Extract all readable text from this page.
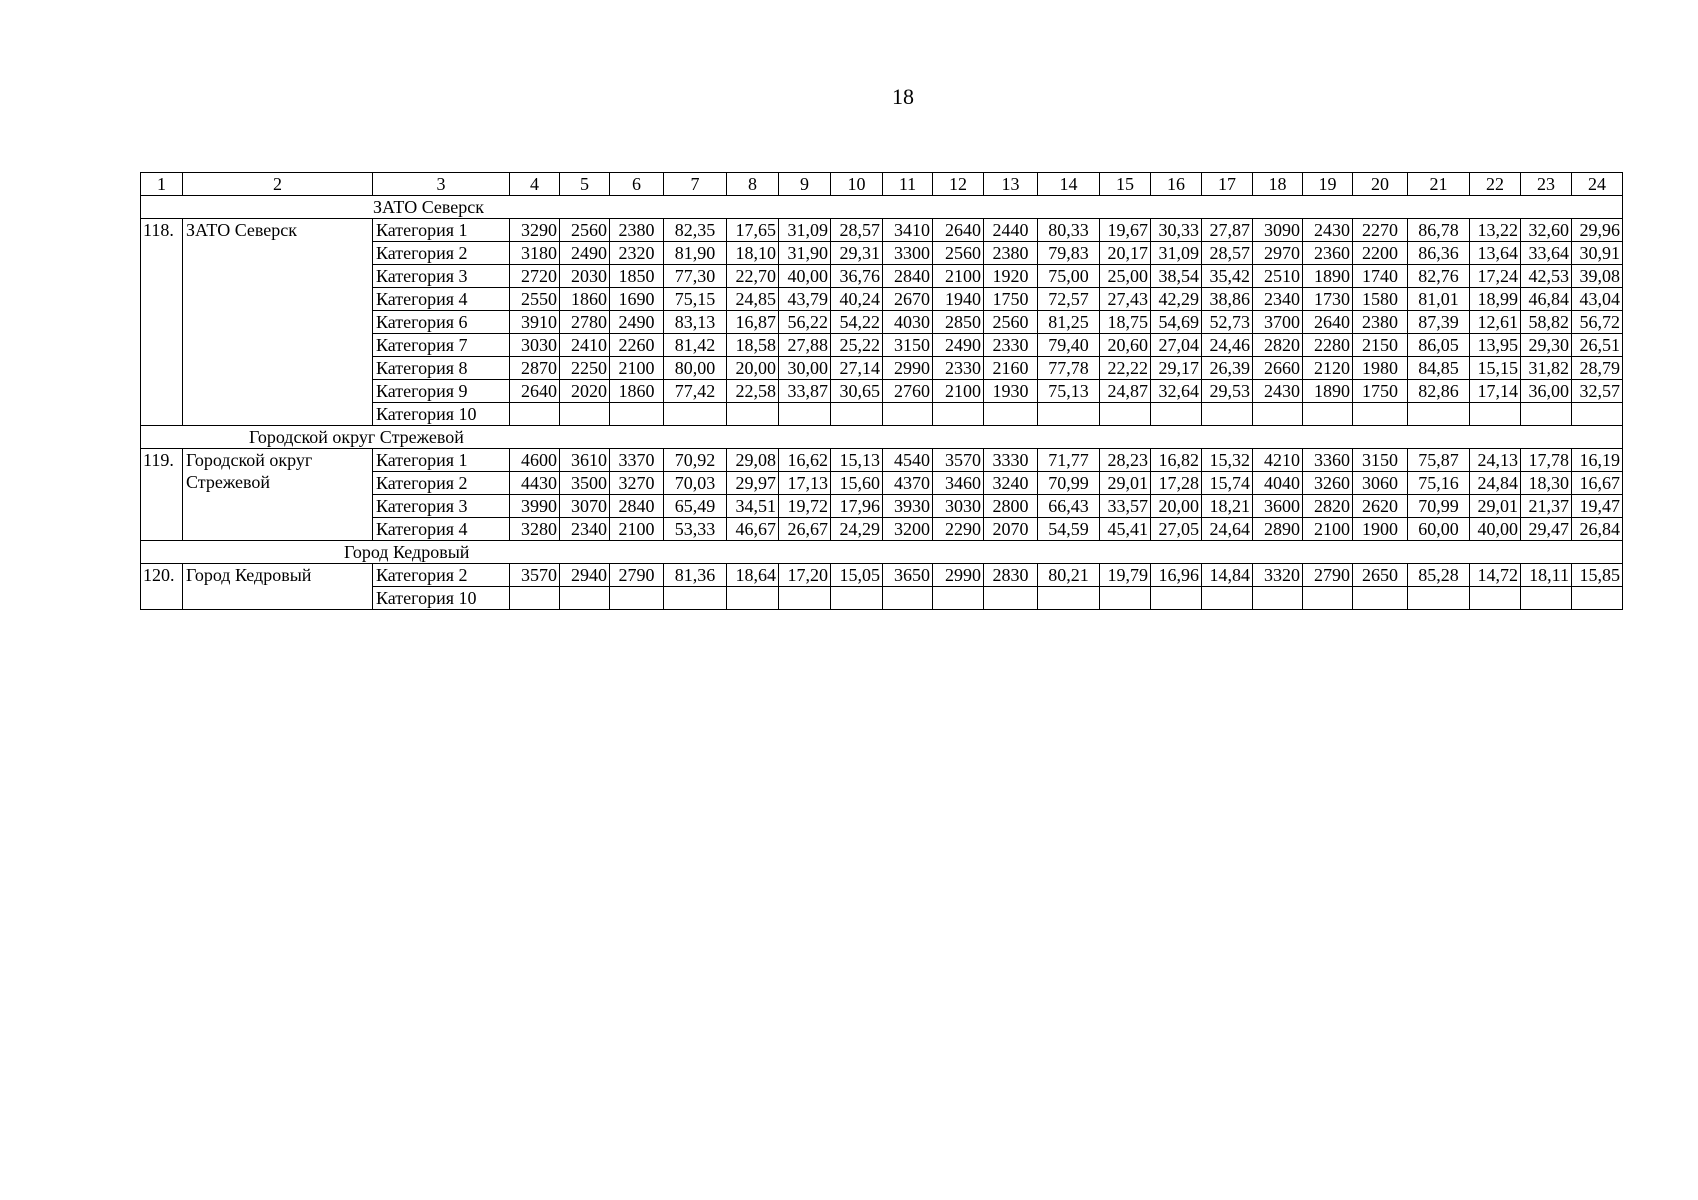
18
1	2	3	4	5	6	7	8	9	10	11	12	13	14	15	16	17	18	19	20	21	22	23	24
ЗАТО Северск																							
118.	ЗАТО Северск	Категория 1	3290	2560	2380	82,35	17,65	31,09	28,57	3410	2640	2440	80,33	19,67	30,33	27,87	3090	2430	2270	86,78	13,22	32,60	29,96
		Категория 2	3180	2490	2320	81,90	18,10	31,90	29,31	3300	2560	2380	79,83	20,17	31,09	28,57	2970	2360	2200	86,36	13,64	33,64	30,91
		Категория 3	2720	2030	1850	77,30	22,70	40,00	36,76	2840	2100	1920	75,00	25,00	38,54	35,42	2510	1890	1740	82,76	17,24	42,53	39,08
		Категория 4	2550	1860	1690	75,15	24,85	43,79	40,24	2670	1940	1750	72,57	27,43	42,29	38,86	2340	1730	1580	81,01	18,99	46,84	43,04
		Категория 6	3910	2780	2490	83,13	16,87	56,22	54,22	4030	2850	2560	81,25	18,75	54,69	52,73	3700	2640	2380	87,39	12,61	58,82	56,72
		Категория 7	3030	2410	2260	81,42	18,58	27,88	25,22	3150	2490	2330	79,40	20,60	27,04	24,46	2820	2280	2150	86,05	13,95	29,30	26,51
		Категория 8	2870	2250	2100	80,00	20,00	30,00	27,14	2990	2330	2160	77,78	22,22	29,17	26,39	2660	2120	1980	84,85	15,15	31,82	28,79
		Категория 9	2640	2020	1860	77,42	22,58	33,87	30,65	2760	2100	1930	75,13	24,87	32,64	29,53	2430	1890	1750	82,86	17,14	36,00	32,57
		Категория 10																					
Городской округ Стрежевой																							
119.	Городской округ Стрежевой	Категория 1	4600	3610	3370	70,92	29,08	16,62	15,13	4540	3570	3330	71,77	28,23	16,82	15,32	4210	3360	3150	75,87	24,13	17,78	16,19
		Категория 2	4430	3500	3270	70,03	29,97	17,13	15,60	4370	3460	3240	70,99	29,01	17,28	15,74	4040	3260	3060	75,16	24,84	18,30	16,67
		Категория 3	3990	3070	2840	65,49	34,51	19,72	17,96	3930	3030	2800	66,43	33,57	20,00	18,21	3600	2820	2620	70,99	29,01	21,37	19,47
		Категория 4	3280	2340	2100	53,33	46,67	26,67	24,29	3200	2290	2070	54,59	45,41	27,05	24,64	2890	2100	1900	60,00	40,00	29,47	26,84
Город Кедровый																							
120.	Город Кедровый	Категория 2	3570	2940	2790	81,36	18,64	17,20	15,05	3650	2990	2830	80,21	19,79	16,96	14,84	3320	2790	2650	85,28	14,72	18,11	15,85
		Категория 10																					
